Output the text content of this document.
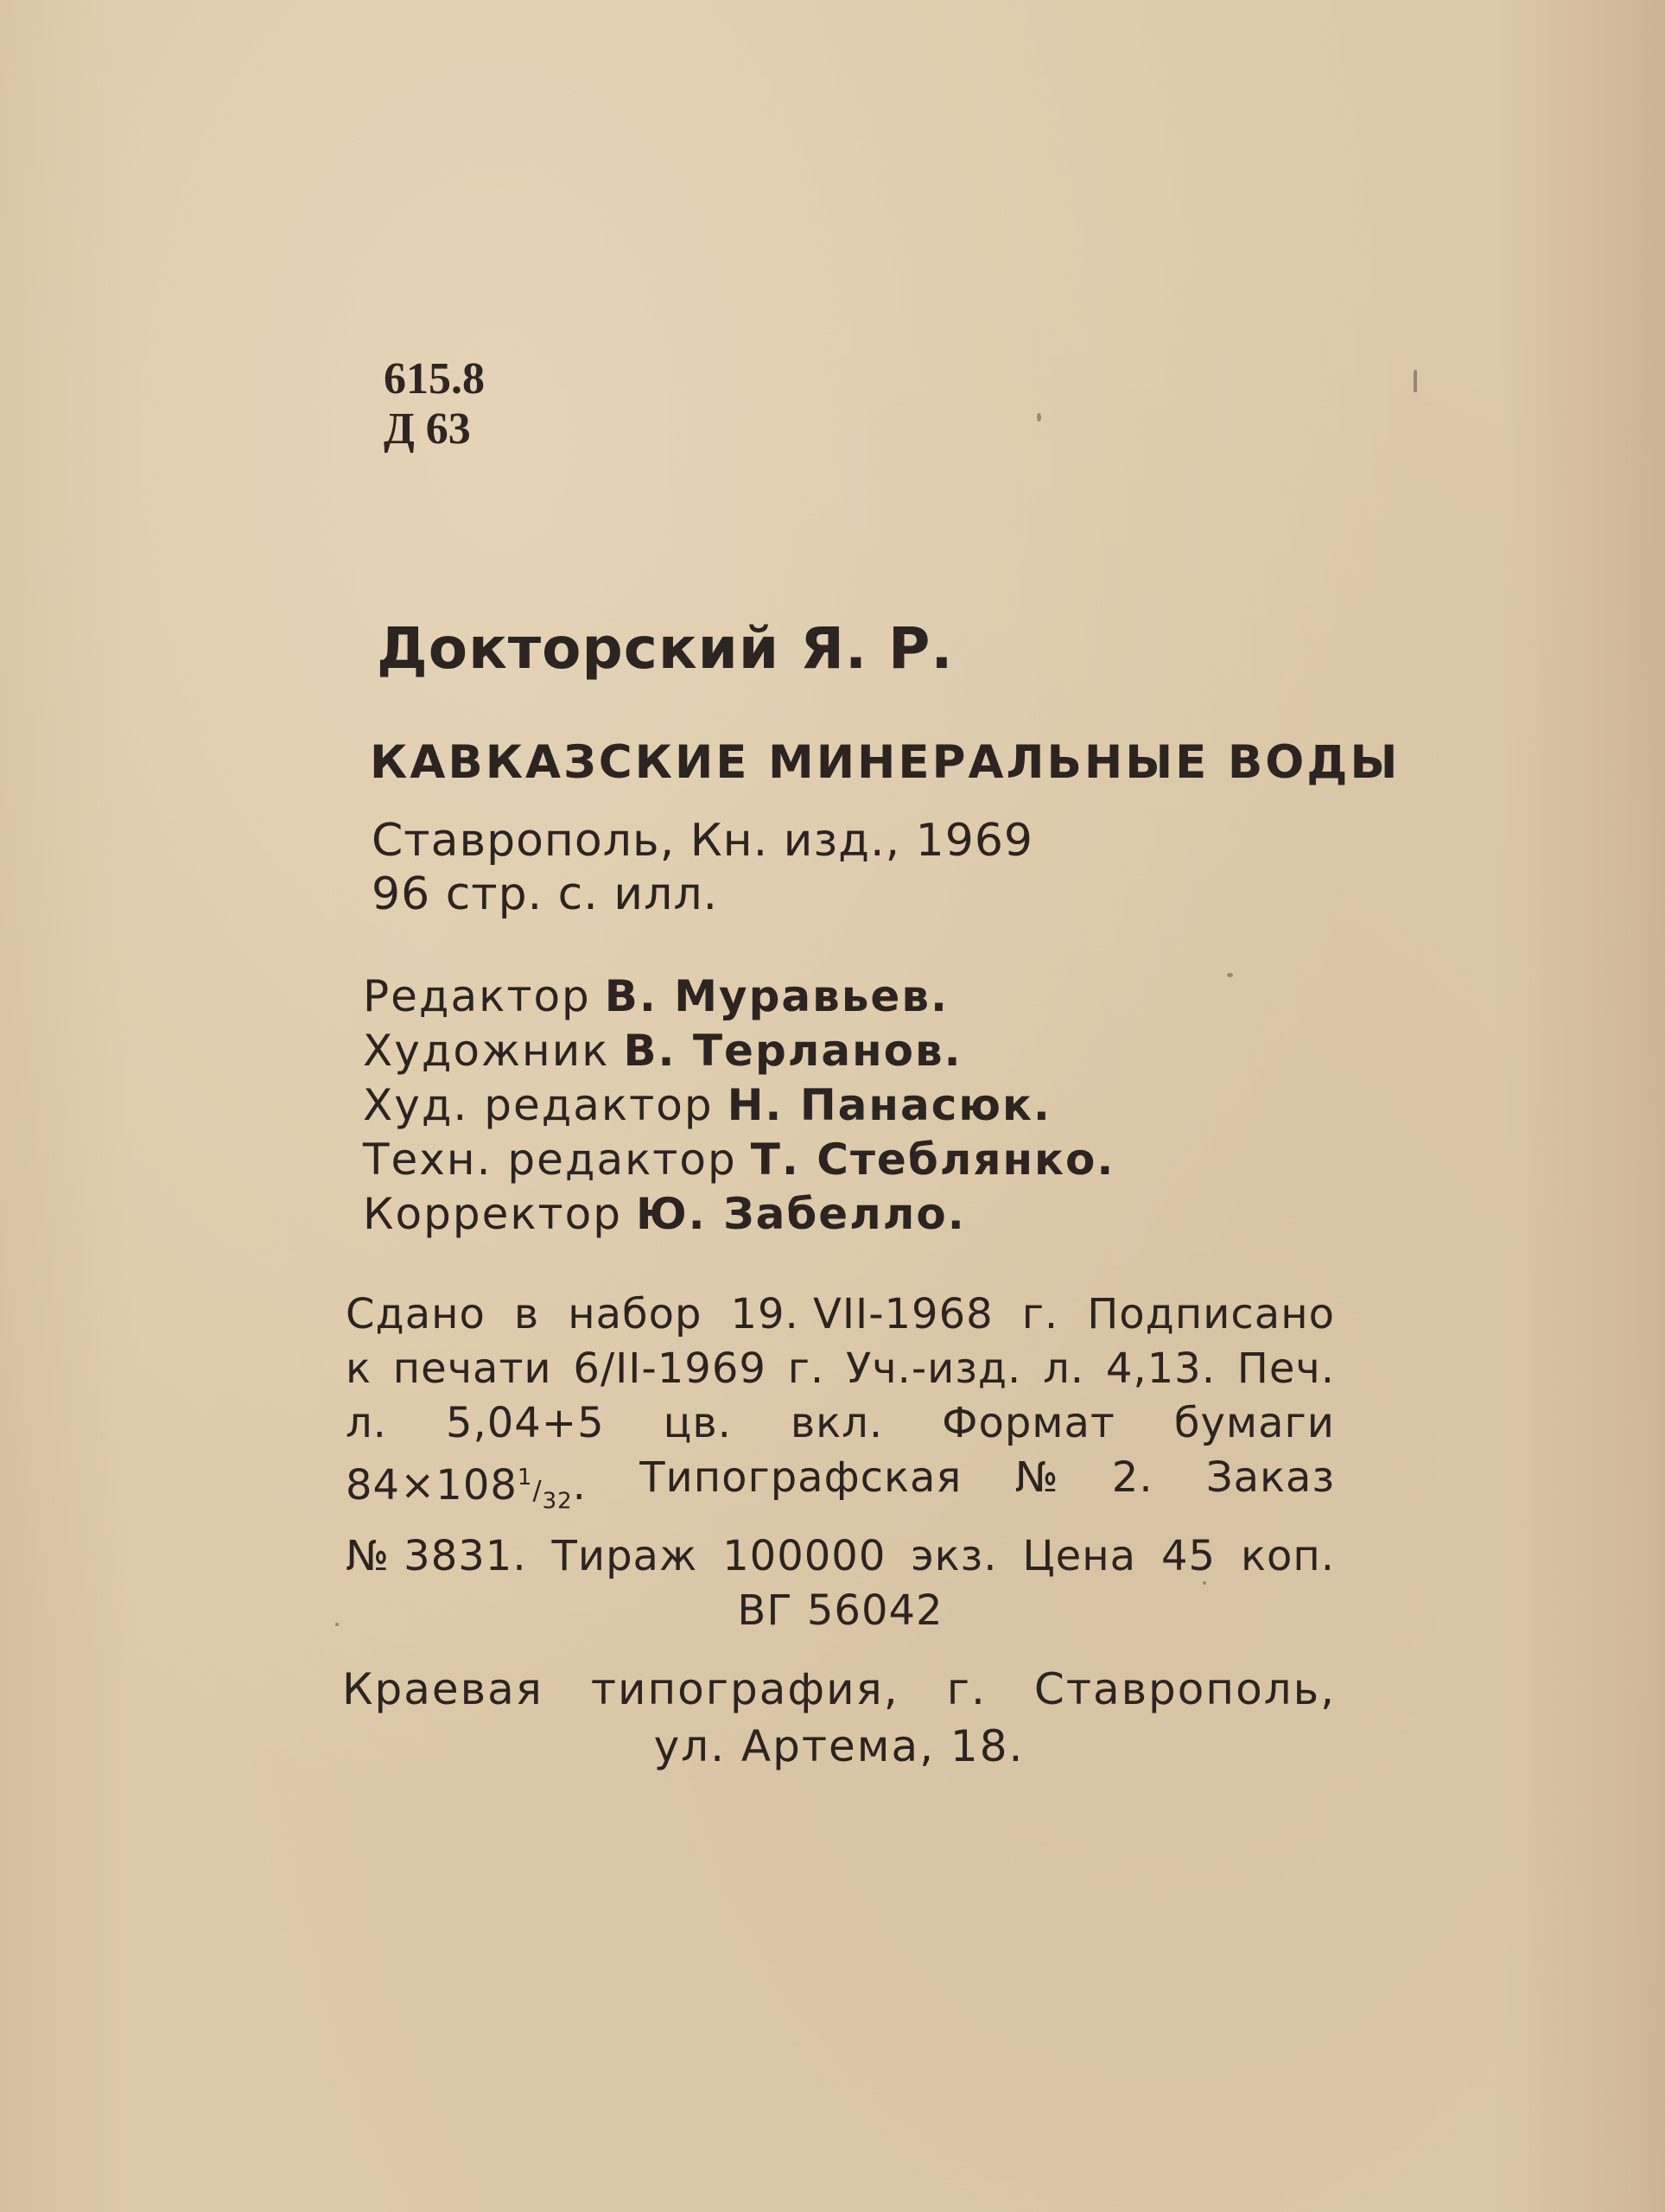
615.8
Д 63
Докторский Я. Р.
КАВКАЗСКИЕ МИНЕРАЛЬНЫЕ ВОДЫ
Ставрополь, Кн. изд., 1969
96 стр. с. илл.
Редактор В. Муравьев.
Художник В. Терланов.
Худ. редактор Н. Панасюк.
Техн. редактор Т. Стеблянко.
Корректор Ю. Забелло.
Сдано в набор 19. VII-1968 г. Подписано
к печати 6/II-1969 г. Уч.-изд. л. 4,13. Печ.
л. 5,04+5 цв. вкл. Формат бумаги
$84\times 108^1/_{32}$. Типографская № 2. Заказ
№ 3831. Тираж 100000 экз. Цена 45 коп.
ВГ 56042
Краевая типография, г. Ставрополь,
ул. Артема, 18.
